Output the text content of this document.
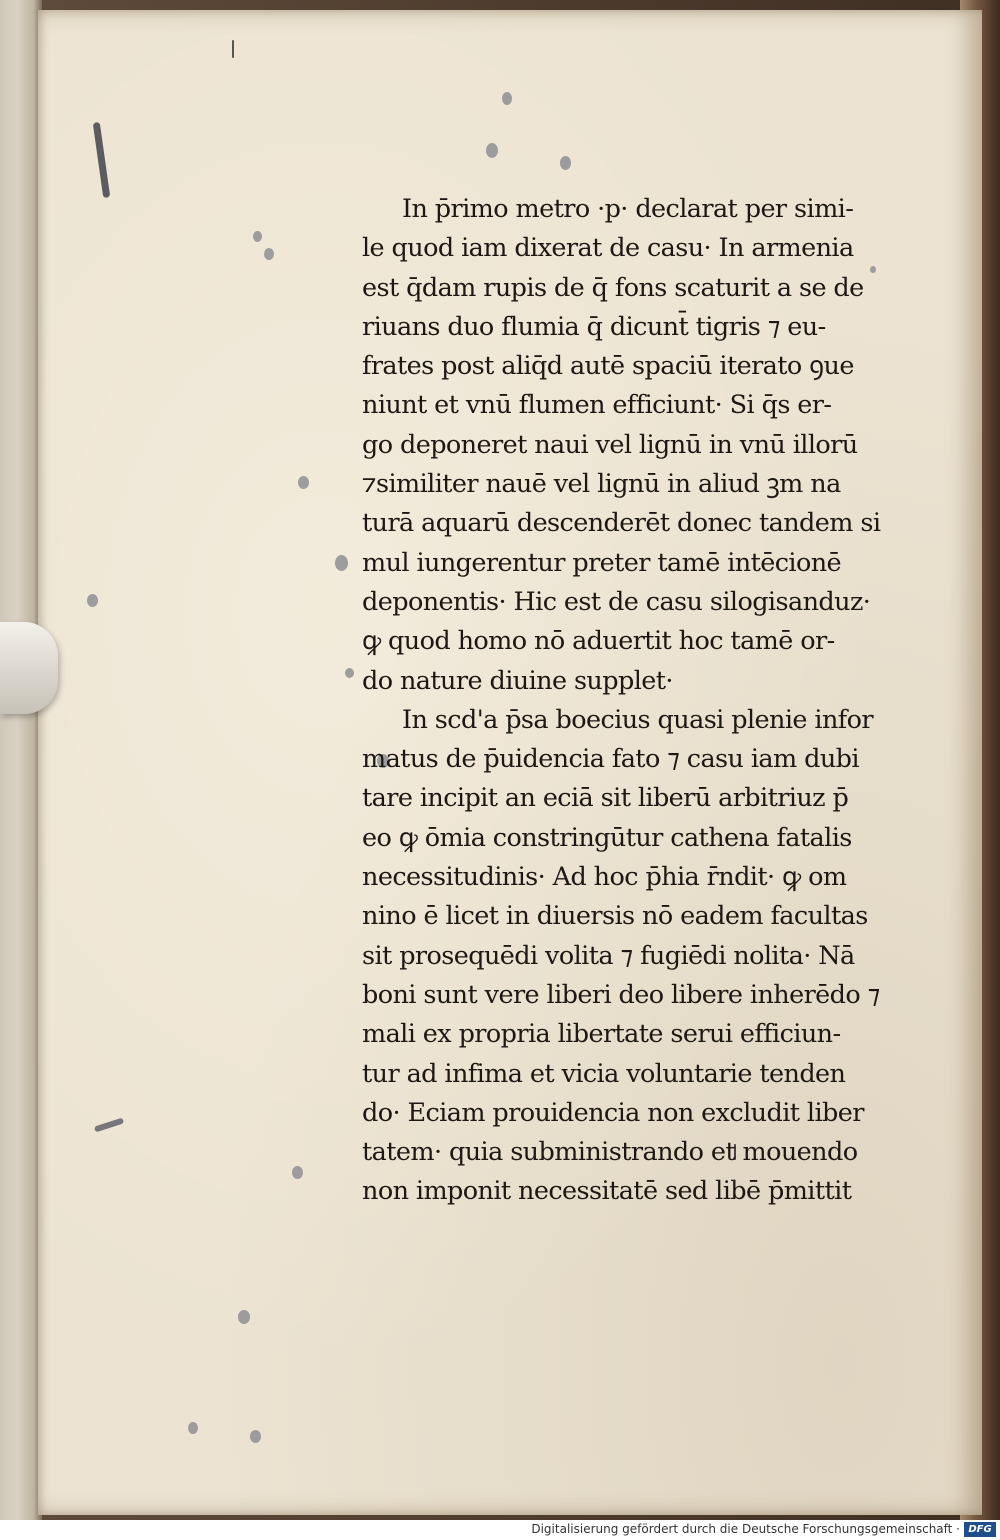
In p̄rimo metro ·p· declarat per simi-
le quod iam dixerat de casu· In armenia
est q̄dam rupis de q̄ fons scaturit a se de
riuans duo flumia q̄ dicunt̄ tigris ⁊ eu-
frates post aliq̄d autē spaciū iterato ꝯue
niunt et vnū flumen efficiunt· Si q̄s er-
go deponeret naui vel lignū in vnū illorū
⁊similiter nauē vel lignū in aliud ꝫm na
turā aquarū descenderēt donec tandem si
mul iungerentur preter tamē intēcionē
deponentis· Hic est de casu silogisanduz·
ꝙ quod homo nō aduertit hoc tamē or-
do nature diuine supplet·
In scd'a p̄sa boecius quasi plenie infor
matus de p̄uidencia fato ⁊ casu iam dubi
tare incipit an eciā sit liberū arbitriuz p̄
eo ꝙ ōmia constringūtur cathena fatalis
necessitudinis· Ad hoc p̄hia r̄ndit· ꝙ om
nino ē licet in diuersis nō eadem facultas
sit prosequēdi volita ⁊ fugiēdi nolita· Nā
boni sunt vere liberi deo libere inherēdo ⁊
mali ex propria libertate serui efficiun-
tur ad infima et vicia voluntarie tenden
do· Eciam prouidencia non excludit liber
tatem· quia subministrando et mouendo
non imponit necessitatē sed libē p̄mittit
Digitalisierung gefördert durch die Deutsche Forschungsgemeinschaft · DFG
